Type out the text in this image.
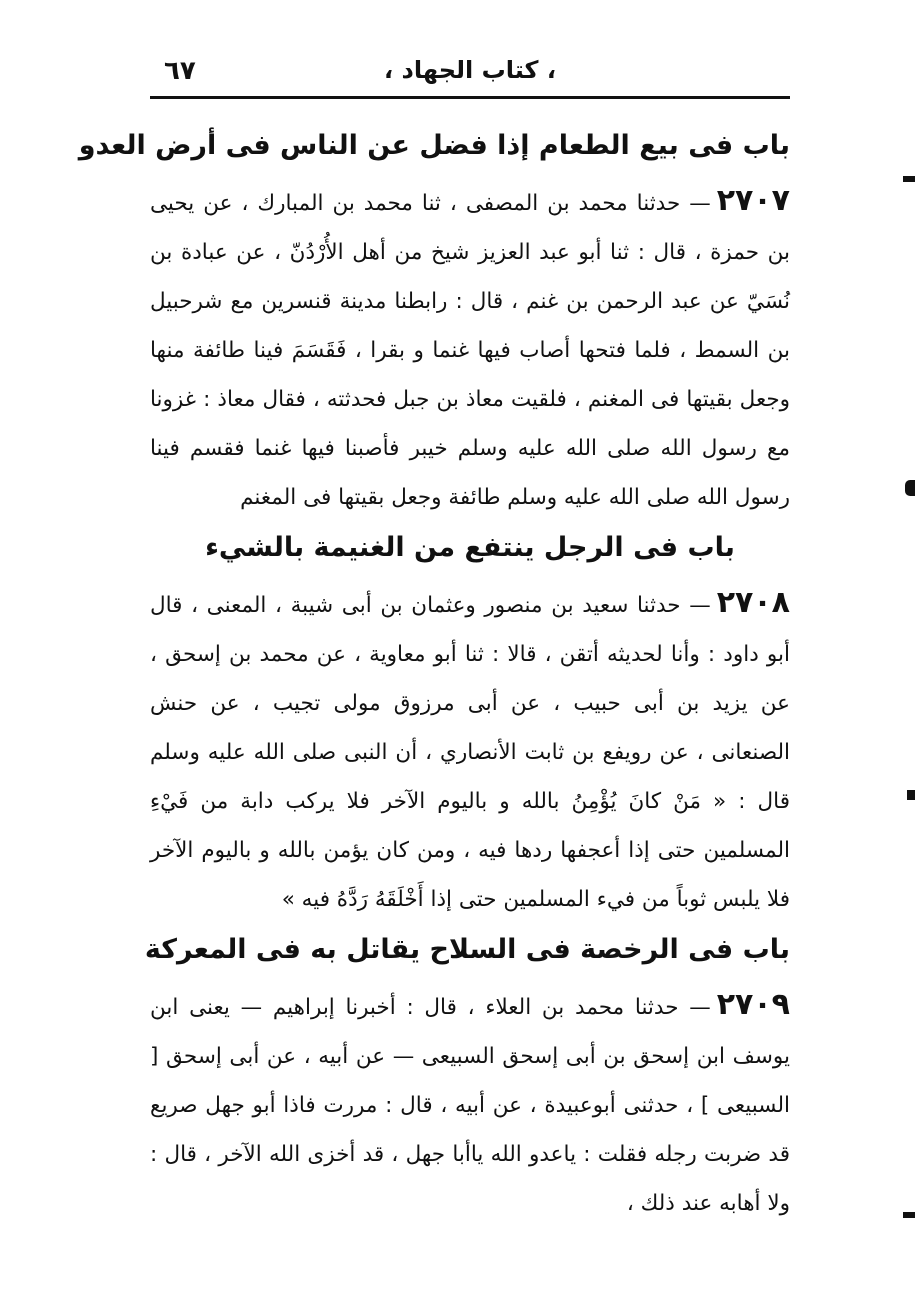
٦٧	، كتاب الجهاد ،
باب فى بيع الطعام إذا فضل عن الناس فى أرض العدو

٢٧٠٧— حدثنا محمد بن المصفى ، ثنا محمد بن المبارك ، عن يحيى بن حمزة ، قال : ثنا أبو عبد العزيز شيخ من أهل الأُرْدُنّ ، عن عبادة بن نُسَيّ عن عبد الرحمن بن غنم ، قال : رابطنا مدينة قنسرين مع شرحبيل بن السمط ، فلما فتحها أصاب فيها غنما و بقرا ، فَقَسَمَ فينا طائفة منها وجعل بقيتها فى المغنم ، فلقيت معاذ بن جبل فحدثته ، فقال معاذ : غزونا مع رسول الله صلى الله عليه وسلم خيبر فأصبنا فيها غنما فقسم فينا رسول الله صلى الله عليه وسلم طائفة وجعل بقيتها فى المغنم

باب فى الرجل ينتفع من الغنيمة بالشيء

٢٧٠٨— حدثنا سعيد بن منصور وعثمان بن أبى شيبة ، المعنى ، قال أبو داود : وأنا لحديثه أتقن ، قالا : ثنا أبو معاوية ، عن محمد بن إسحق ، عن يزيد بن أبى حبيب ، عن أبى مرزوق مولى تجيب ، عن حنش الصنعانى ، عن رويفع بن ثابت الأنصاري ، أن النبى صلى الله عليه وسلم قال : « مَنْ كانَ يُؤْمِنُ بالله و باليوم الآخر فلا يركب دابة من فَيْءِ المسلمين حتى إذا أعجفها ردها فيه ، ومن كان يؤمن بالله و باليوم الآخر فلا يلبس ثوباً من فيء المسلمين حتى إذا أَخْلَقَهُ رَدَّهُ فيه »

باب فى الرخصة فى السلاح يقاتل به فى المعركة

٢٧٠٩— حدثنا محمد بن العلاء ، قال : أخبرنا إبراهيم — يعنى ابن يوسف ابن إسحق بن أبى إسحق السبيعى — عن أبيه ، عن أبى إسحق [ السبيعى ] ، حدثنى أبوعبيدة ، عن أبيه ، قال : مررت فاذا أبو جهل صريع قد ضربت رجله فقلت : ياعدو الله ياأبا جهل ، قد أخزى الله الآخر ، قال : ولا أهابه عند ذلك ،
